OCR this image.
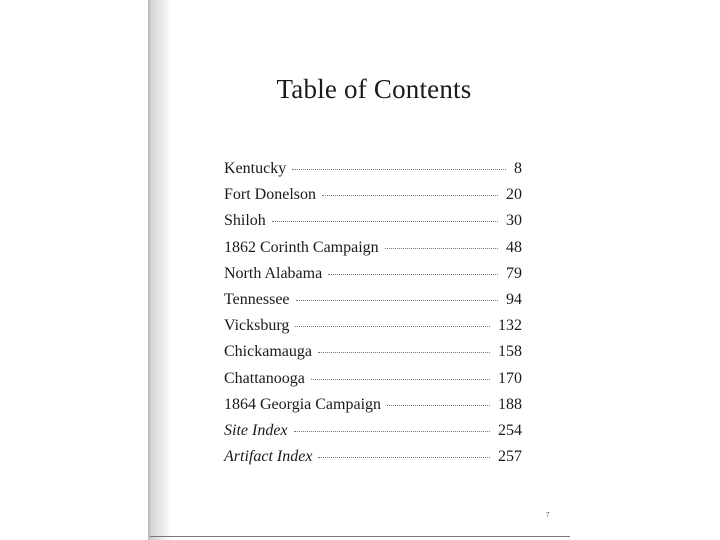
Table of Contents
Kentucky	8
Fort Donelson	20
Shiloh	30
1862 Corinth Campaign	48
North Alabama	79
Tennessee	94
Vicksburg	132
Chickamauga	158
Chattanooga	170
1864 Georgia Campaign	188
Site Index	254
Artifact Index	257
7
